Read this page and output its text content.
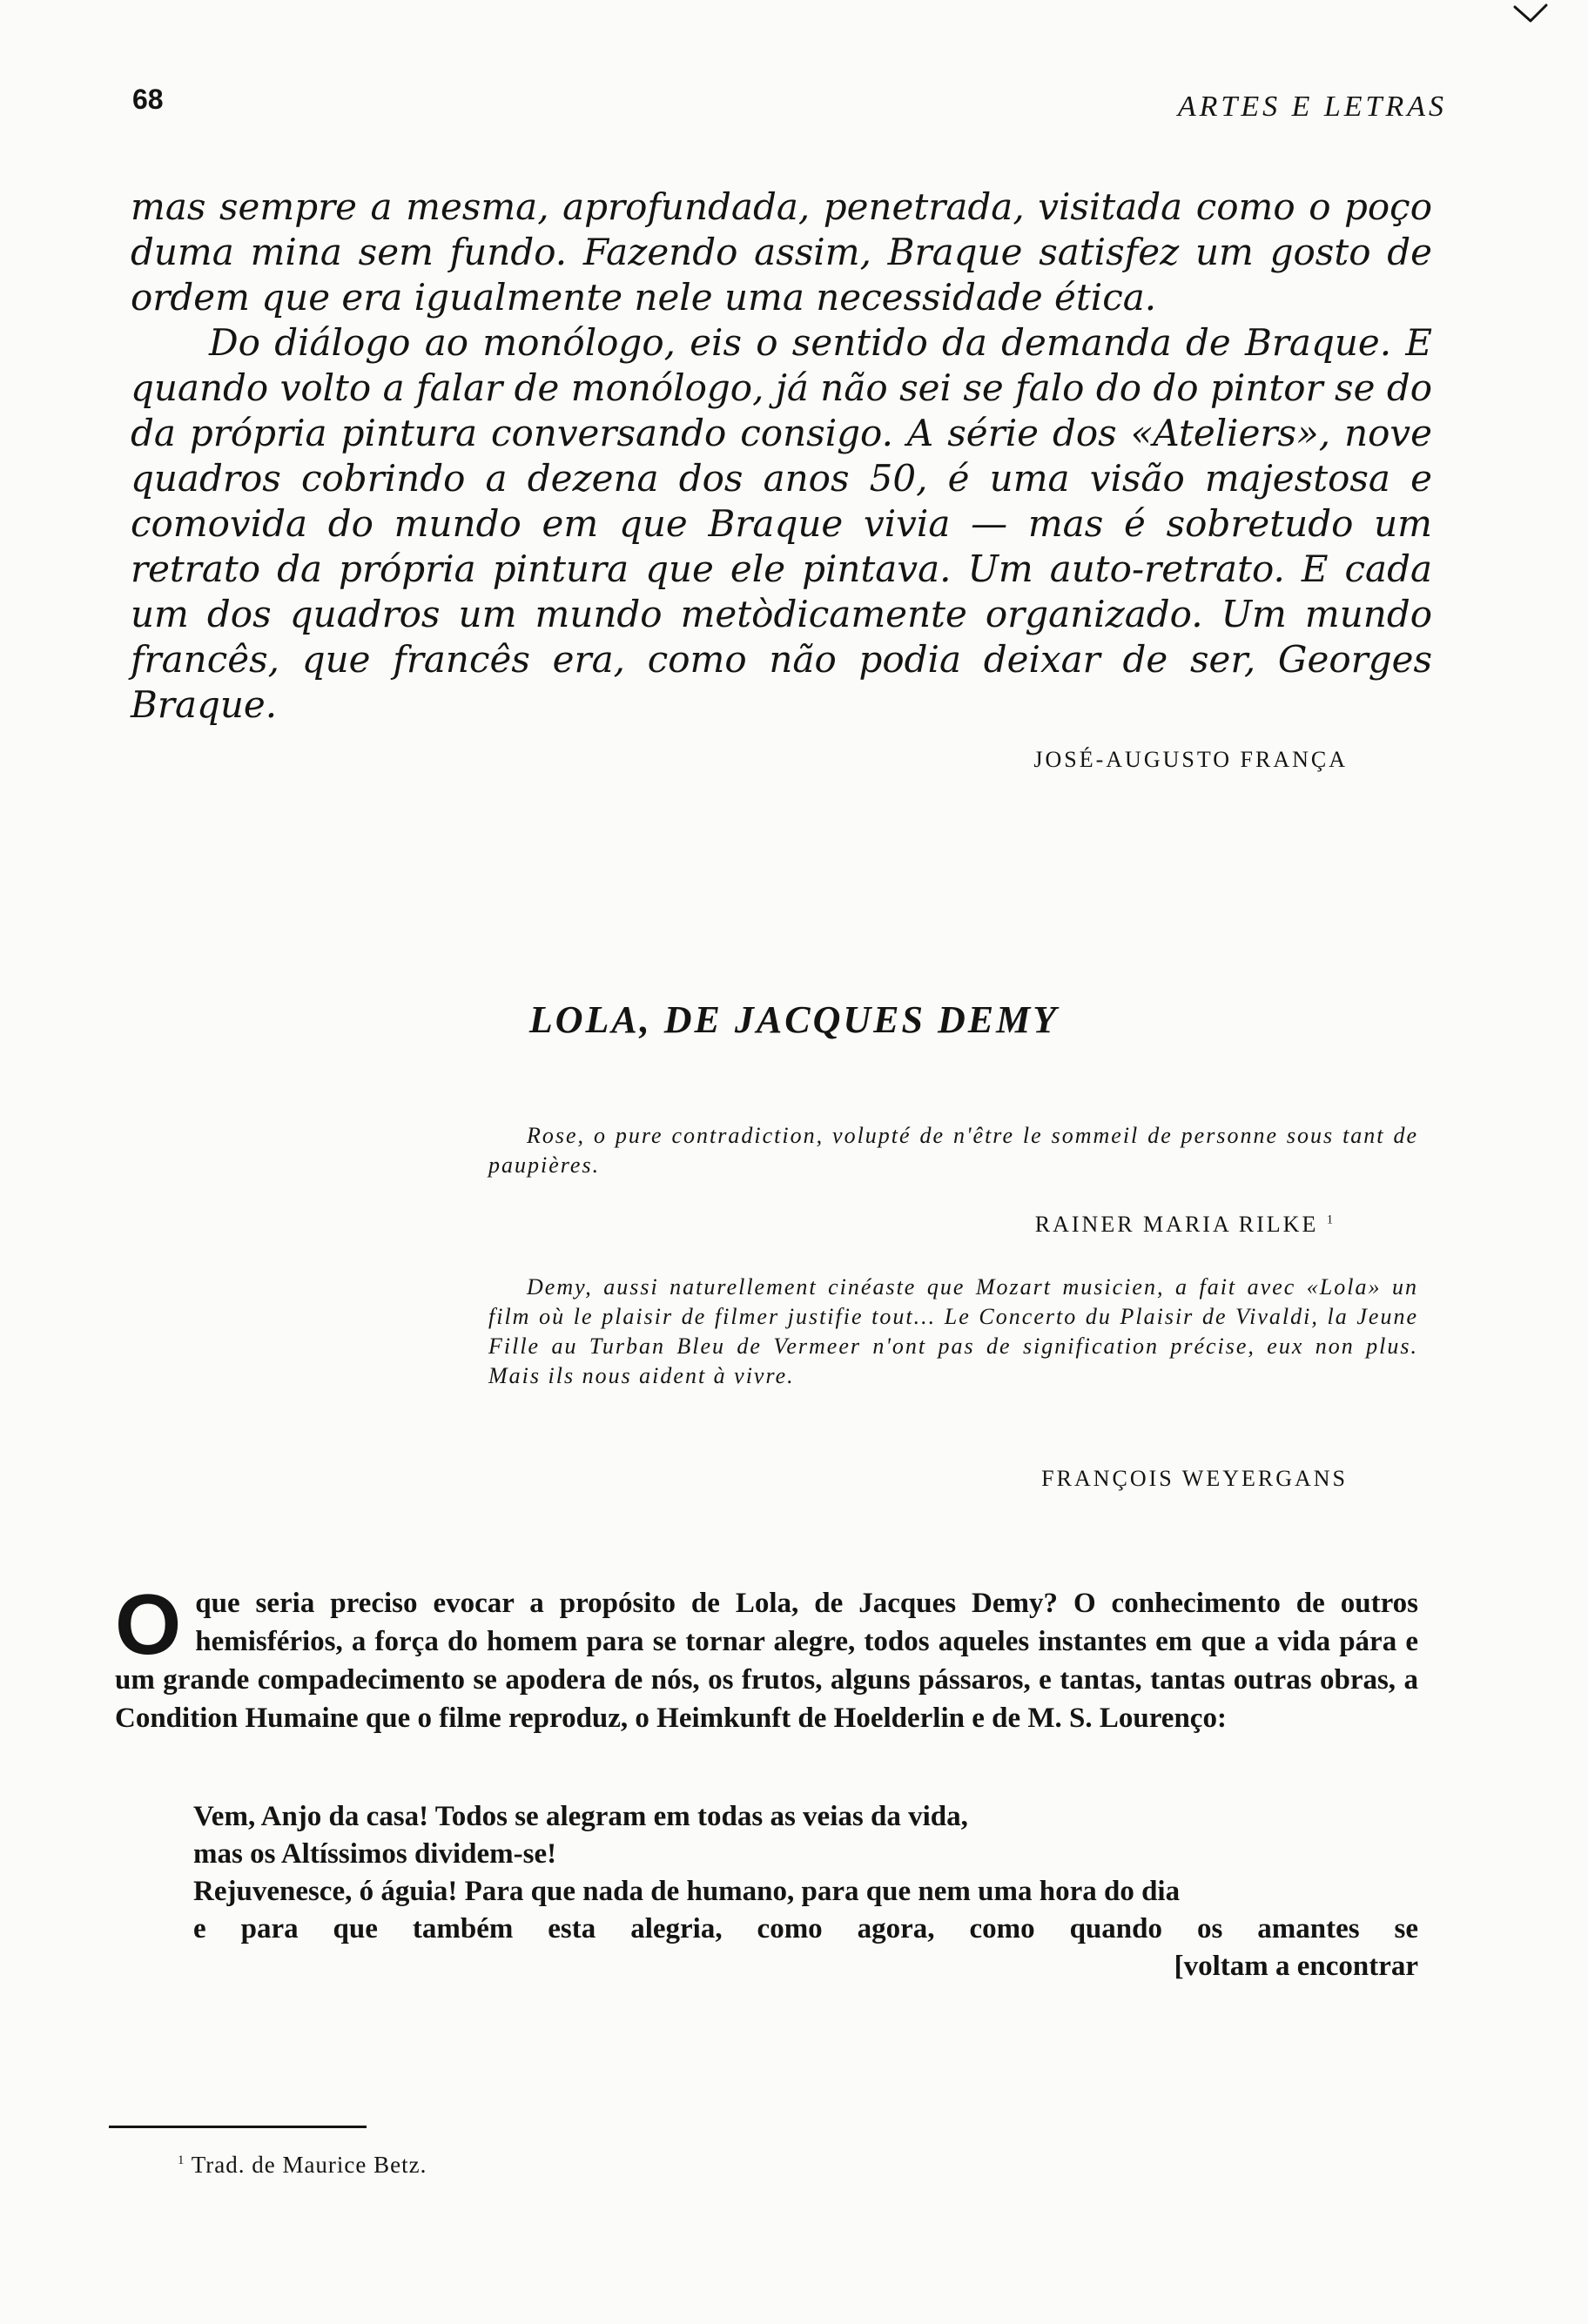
68	ARTES E LETRAS

mas sempre a mesma, aprofundada, penetrada, visitada como o poço duma mina sem fundo. Fazendo assim, Braque satisfez um gosto de ordem que era igualmente nele uma necessidade ética.

Do diálogo ao monólogo, eis o sentido da demanda de Braque. E quando volto a falar de monólogo, já não sei se falo do do pintor se do da própria pintura conversando consigo. A série dos «Ateliers», nove quadros cobrindo a dezena dos anos 50, é uma visão majestosa e comovida do mundo em que Braque vivia — mas é sobretudo um retrato da própria pintura que ele pintava. Um auto-retrato. E cada um dos quadros um mundo metòdicamente organizado. Um mundo francês, que francês era, como não podia deixar de ser, Georges Braque.

JOSÉ-AUGUSTO FRANÇA
LOLA, DE JACQUES DEMY

Rose, o pure contradiction, volupté de n'être le sommeil de personne sous tant de paupières.

RAINER MARIA RILKE $^1$

Demy, aussi naturellement cinéaste que Mozart musicien, a fait avec «Lola» un film où le plaisir de filmer justifie tout... Le Concerto du Plaisir de Vivaldi, la Jeune Fille au Turban Bleu de Vermeer n'ont pas de signification précise, eux non plus. Mais ils nous aident à vivre.

FRANÇOIS WEYERGANS

Oque seria preciso evocar a propósito de Lola, de Jacques Demy? O conhecimento de outros hemisférios, a força do homem para se tornar alegre, todos aqueles instantes em que a vida pára e um grande compadecimento se apodera de nós, os frutos, alguns pássaros, e tantas, tantas outras obras, a Condition Humaine que o filme reproduz, o Heimkunft de Hoelderlin e de M. S. Lourenço:

Vem, Anjo da casa! Todos se alegram em todas as veias da vida,
mas os Altíssimos dividem-se!
Rejuvenesce, ó águia! Para que nada de humano, para que nem uma hora do dia
e para que também esta alegria, como agora, como quando os amantes se
[voltam a encontrar
$^1$ Trad. de Maurice Betz.
